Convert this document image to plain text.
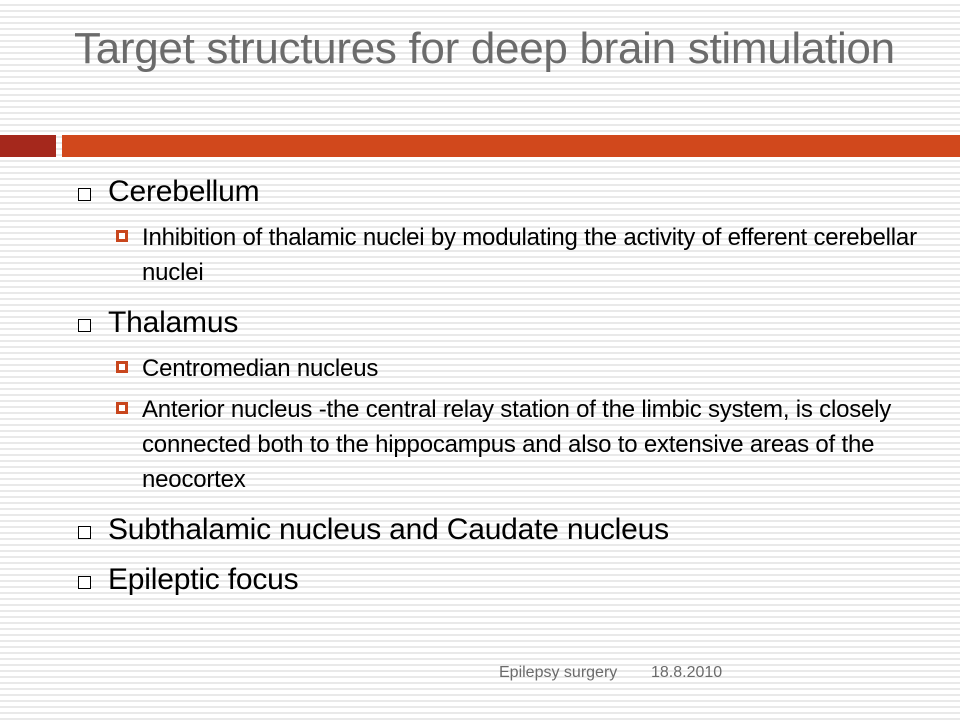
Target structures for deep brain stimulation
Cerebellum
Inhibition of thalamic nuclei by modulating the activity of efferent cerebellar nuclei
Thalamus
Centromedian nucleus
Anterior nucleus -the central relay station of the limbic system, is closely connected both to the hippocampus and also to extensive areas of the neocortex
Subthalamic nucleus and Caudate nucleus
Epileptic focus
Epilepsy surgery 18.8.2010
